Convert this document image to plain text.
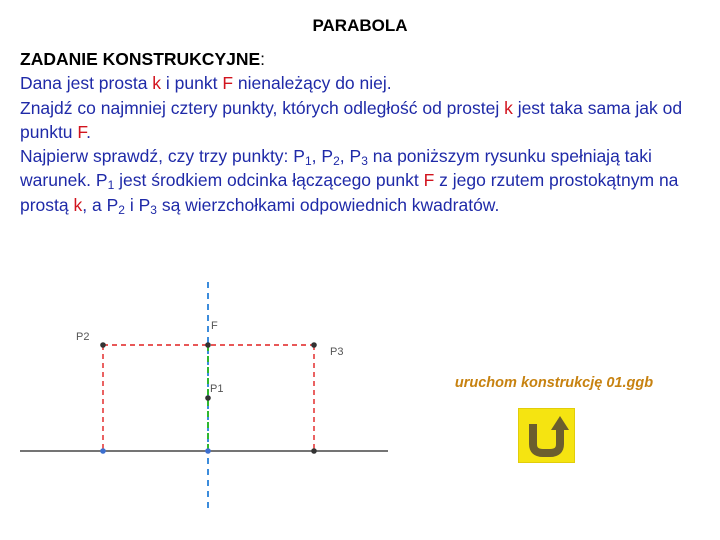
PARABOLA
ZADANIE KONSTRUKCYJNE:
Dana jest prosta k i punkt F nienależący do niej.
Znajdź co najmniej cztery punkty, których odległość od prostej k jest taka sama jak od punktu F.
Najpierw sprawdź, czy trzy punkty: $P_1$, $P_2$, $P_3$ na poniższym rysunku spełniają taki warunek. $P_1$ jest środkiem odcinka łączącego punkt F z jego rzutem prostokątnym na prostą k, a $P_2$ i $P_3$ są wierzchołkami odpowiednich kwadratów.
F
P1
P2
P3
uruchom konstrukcję 01.ggb
